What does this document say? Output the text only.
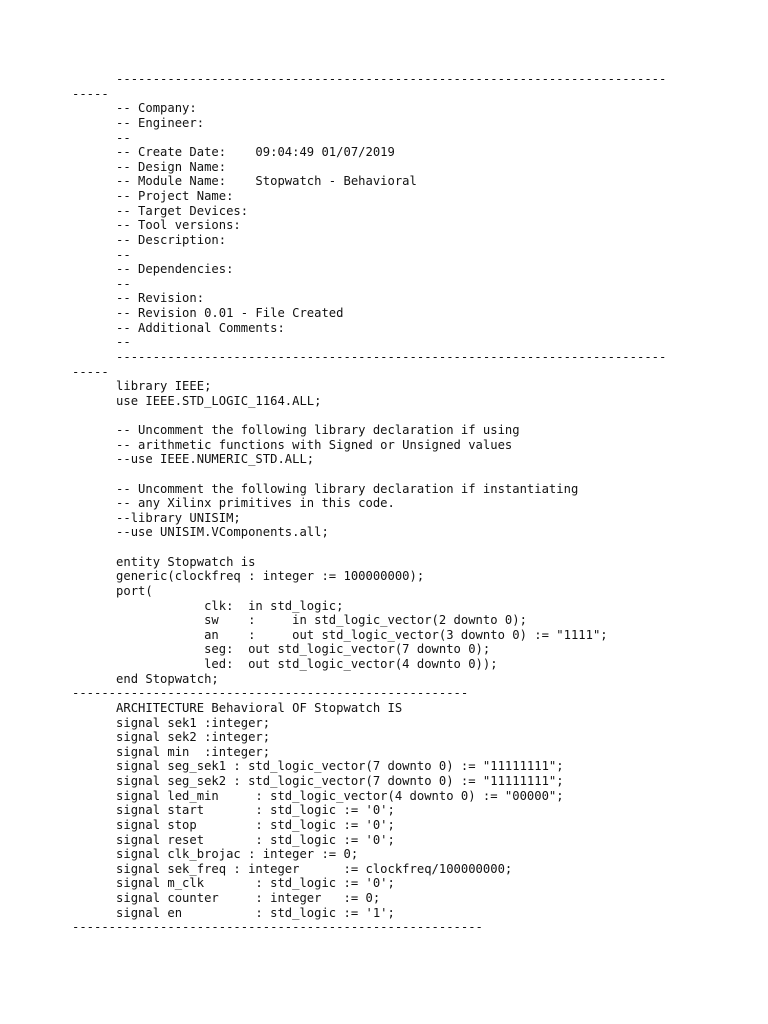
---------------------------------------------------------------------------
-----
-- Company:
-- Engineer:
--
-- Create Date:    09:04:49 01/07/2019
-- Design Name:
-- Module Name:    Stopwatch - Behavioral
-- Project Name:
-- Target Devices:
-- Tool versions:
-- Description:
--
-- Dependencies:
--
-- Revision:
-- Revision 0.01 - File Created
-- Additional Comments:
--
---------------------------------------------------------------------------
-----
library IEEE;
use IEEE.STD_LOGIC_1164.ALL;
-- Uncomment the following library declaration if using
-- arithmetic functions with Signed or Unsigned values
--use IEEE.NUMERIC_STD.ALL;
-- Uncomment the following library declaration if instantiating
-- any Xilinx primitives in this code.
--library UNISIM;
--use UNISIM.VComponents.all;
entity Stopwatch is
generic(clockfreq : integer := 100000000);
port(
clk:  in std_logic;
sw    :     in std_logic_vector(2 downto 0);
an    :     out std_logic_vector(3 downto 0) := "1111";
seg:  out std_logic_vector(7 downto 0);
led:  out std_logic_vector(4 downto 0));
end Stopwatch;
------------------------------------------------------
ARCHITECTURE Behavioral OF Stopwatch IS
signal sek1 :integer;
signal sek2 :integer;
signal min  :integer;
signal seg_sek1 : std_logic_vector(7 downto 0) := "11111111";
signal seg_sek2 : std_logic_vector(7 downto 0) := "11111111";
signal led_min     : std_logic_vector(4 downto 0) := "00000";
signal start       : std_logic := '0';
signal stop        : std_logic := '0';
signal reset       : std_logic := '0';
signal clk_brojac : integer := 0;
signal sek_freq : integer      := clockfreq/100000000;
signal m_clk       : std_logic := '0';
signal counter     : integer   := 0;
signal en          : std_logic := '1';
--------------------------------------------------------
